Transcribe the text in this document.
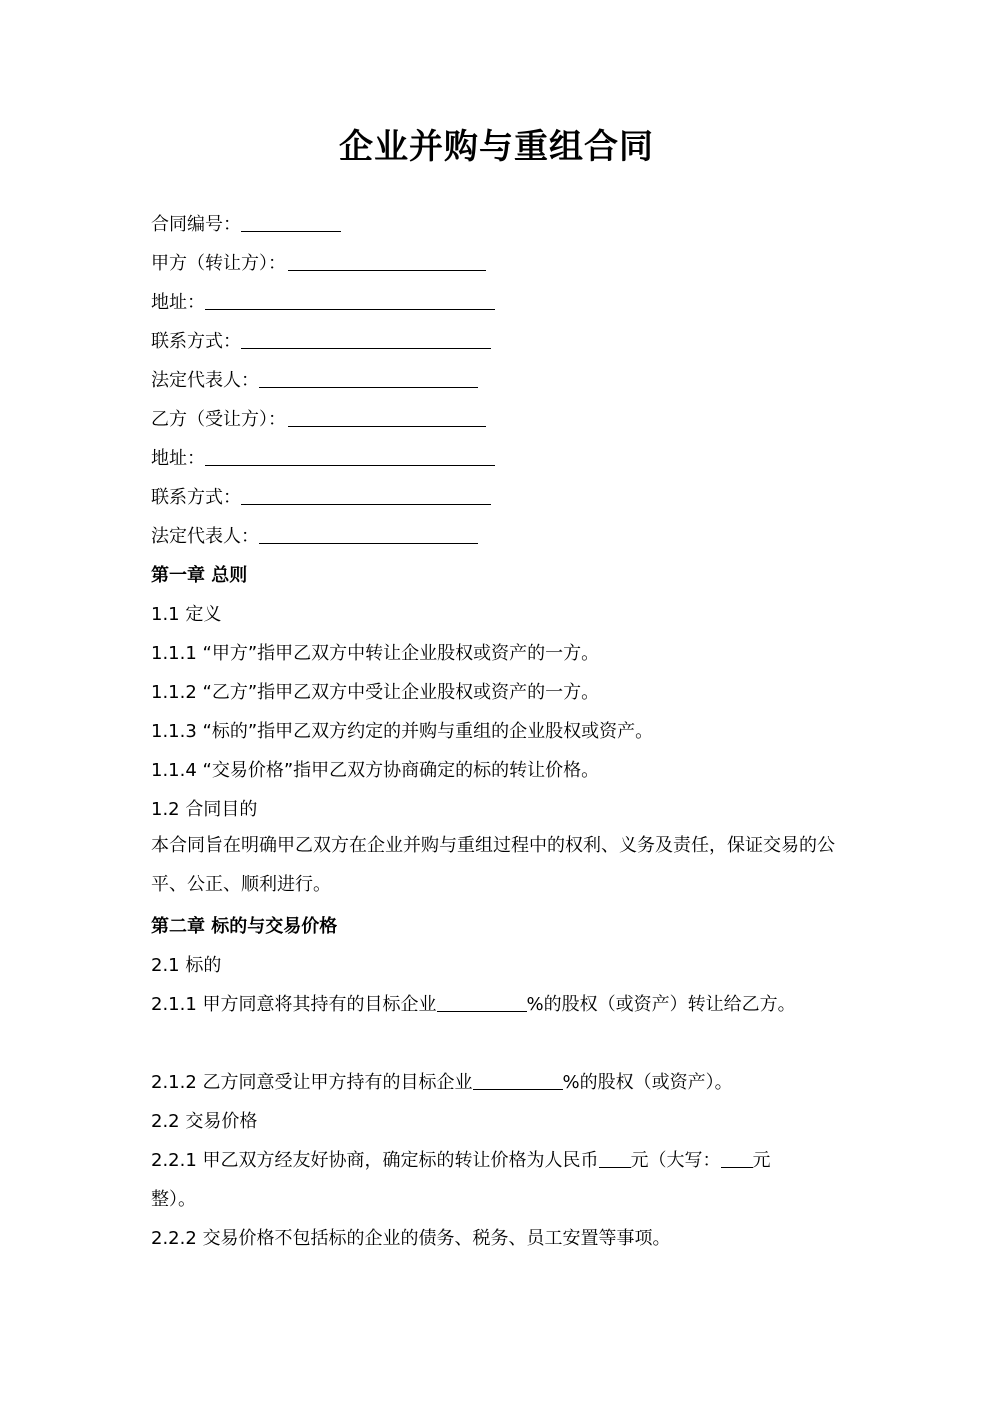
企业并购与重组合同
合同编号：
甲方（转让方）：
地址：
联系方式：
法定代表人：
乙方（受让方）：
地址：
联系方式：
法定代表人：
第一章 总则
1.1 定义
1.1.1 “甲方”指甲乙双方中转让企业股权或资产的一方。
1.1.2 “乙方”指甲乙双方中受让企业股权或资产的一方。
1.1.3 “标的”指甲乙双方约定的并购与重组的企业股权或资产。
1.1.4 “交易价格”指甲乙双方协商确定的标的转让价格。
1.2 合同目的
本合同旨在明确甲乙双方在企业并购与重组过程中的权利、义务及责任，保证交易的公平、公正、顺利进行。
第二章 标的与交易价格
2.1 标的
2.1.1 甲方同意将其持有的目标企业	%的股权（或资产）转让给乙方。
2.1.2 乙方同意受让甲方持有的目标企业	%的股权（或资产）。
2.2 交易价格
2.2.1 甲乙双方经友好协商，确定标的转让价格为人民币 元（大写： 元
整）。
2.2.2 交易价格不包括标的企业的债务、税务、员工安置等事项。
